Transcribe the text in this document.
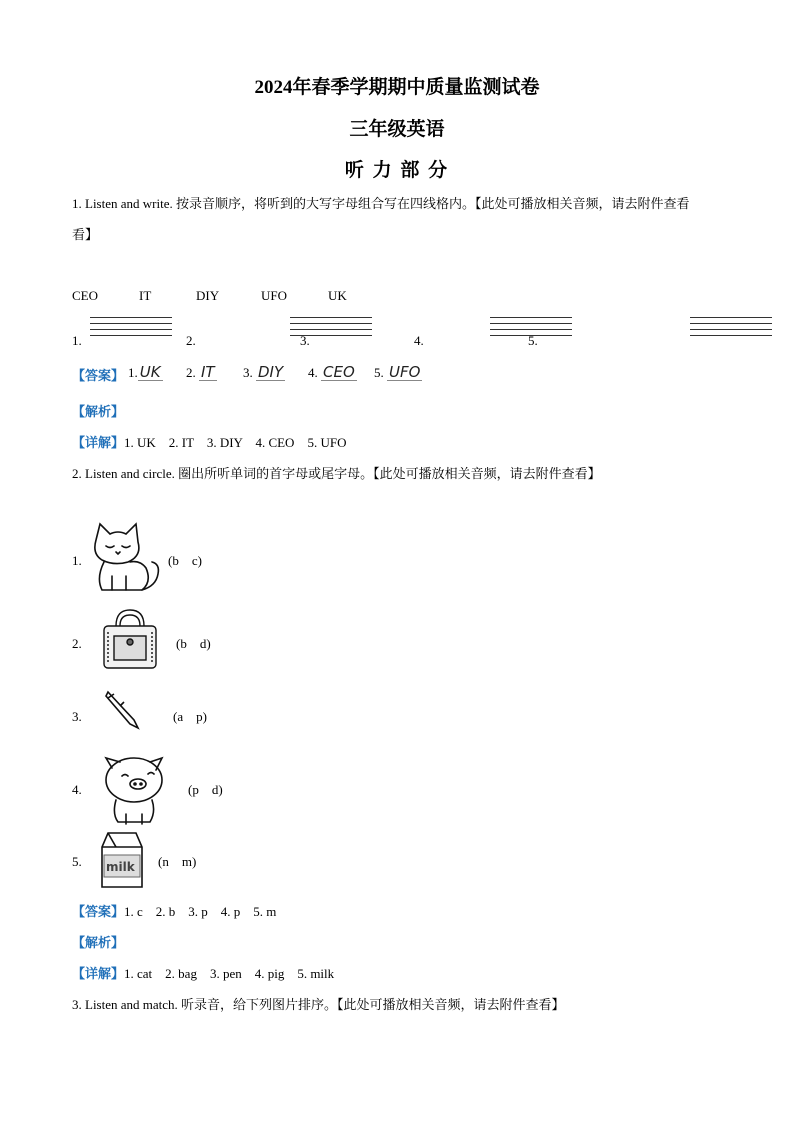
2024年春季学期期中质量监测试卷
三年级英语
听 力 部 分
1. Listen and write. 按录音顺序，将听到的大写字母组合写在四线格内。【此处可播放相关音频，请去附件查看
看】
CEO	IT	DIY	UFO	UK
1.
	2.
	3.
	4.
	5.
【答案】 1. UK 2. IT 3. DIY 4. CEO 5. UFO
【解析】
【详解】1. UK    2. IT    3. DIY    4. CEO    5. UFO
2. Listen and circle. 圈出所听单词的首字母或尾字母。【此处可播放相关音频，请去附件查看】
1.	(b    c)
2.	(b    d)
3.	(a    p)
4.	(p    d)
5. milk (n    m)
【答案】1. c    2. b    3. p    4. p    5. m
【解析】
【详解】1. cat    2. bag    3. pen    4. pig    5. milk
3. Listen and match. 听录音，给下列图片排序。【此处可播放相关音频，请去附件查看】
